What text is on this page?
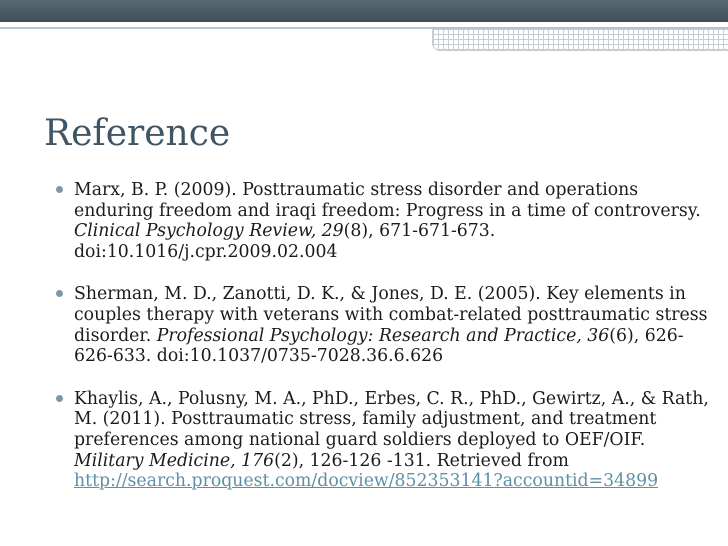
Reference
Marx, B. P. (2009). Posttraumatic stress disorder and operations enduring freedom and iraqi freedom: Progress in a time of controversy. Clinical Psychology Review, 29(8), 671-671-673. doi:10.1016/j.cpr.2009.02.004
Sherman, M. D., Zanotti, D. K., & Jones, D. E. (2005). Key elements in couples therapy with veterans with combat-related posttraumatic stress disorder. Professional Psychology: Research and Practice, 36(6), 626-626-633. doi:10.1037/0735-7028.36.6.626
Khaylis, A., Polusny, M. A., PhD., Erbes, C. R., PhD., Gewirtz, A., & Rath, M. (2011). Posttraumatic stress, family adjustment, and treatment preferences among national guard soldiers deployed to OEF/OIF. Military Medicine, 176(2), 126-126 -131. Retrieved from http://search.proquest.com/docview/852353141?accountid=34899
